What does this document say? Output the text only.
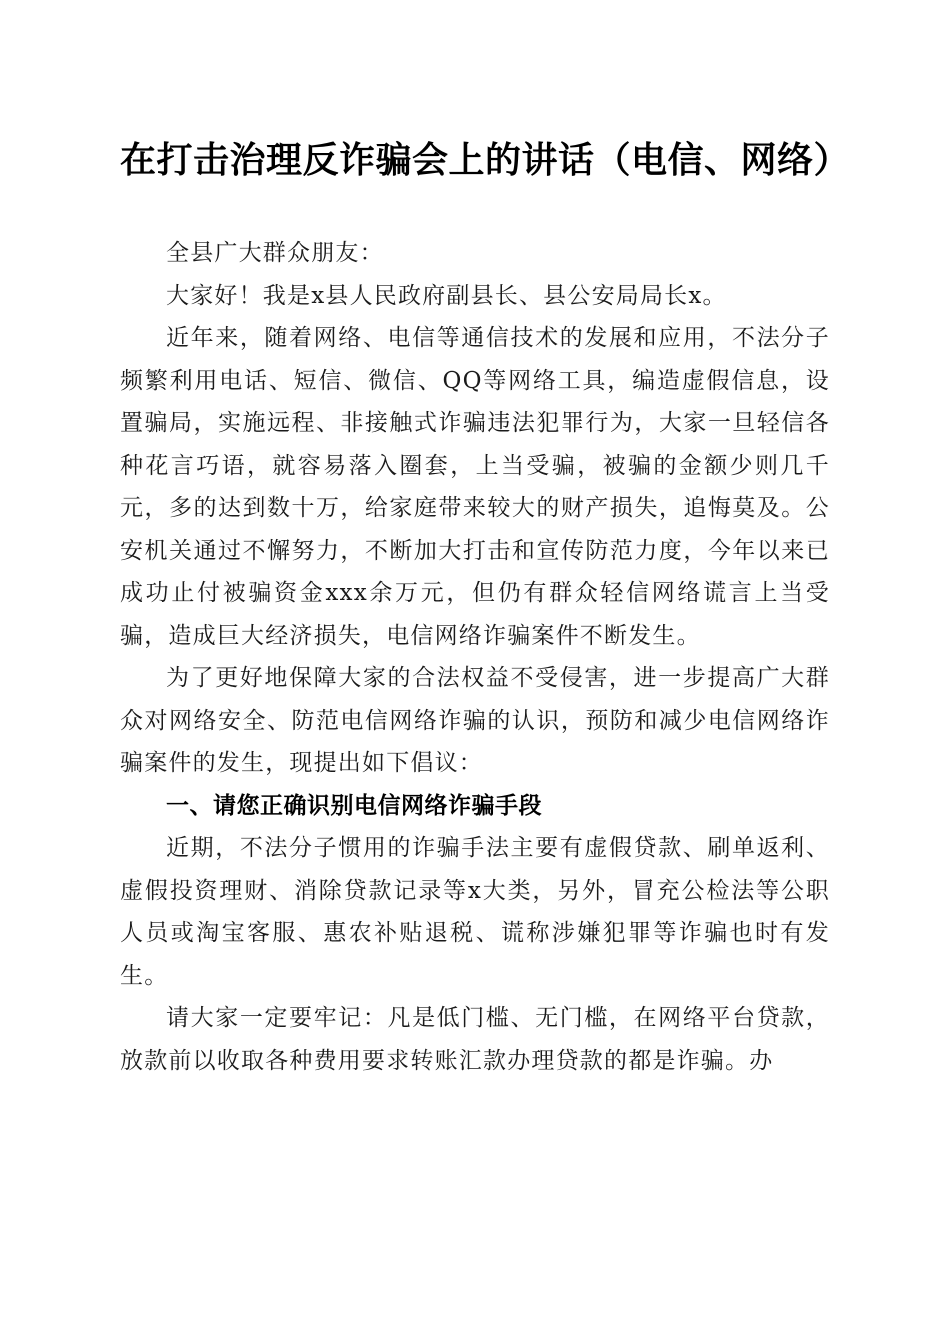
在打击治理反诈骗会上的讲话（电信、网络）

全县广大群众朋友：

大家好！我是x县人民政府副县长、县公安局局长x。

近年来，随着网络、电信等通信技术的发展和应用，不法分子频繁利用电话、短信、微信、QQ等网络工具，编造虚假信息，设置骗局，实施远程、非接触式诈骗违法犯罪行为，大家一旦轻信各种花言巧语，就容易落入圈套，上当受骗，被骗的金额少则几千元，多的达到数十万，给家庭带来较大的财产损失，追悔莫及。公安机关通过不懈努力，不断加大打击和宣传防范力度，今年以来已成功止付被骗资金xxx余万元，但仍有群众轻信网络谎言上当受骗，造成巨大经济损失，电信网络诈骗案件不断发生。

为了更好地保障大家的合法权益不受侵害，进一步提高广大群众对网络安全、防范电信网络诈骗的认识，预防和减少电信网络诈骗案件的发生，现提出如下倡议：

一、请您正确识别电信网络诈骗手段

近期，不法分子惯用的诈骗手法主要有虚假贷款、刷单返利、虚假投资理财、消除贷款记录等x大类，另外，冒充公检法等公职人员或淘宝客服、惠农补贴退税、谎称涉嫌犯罪等诈骗也时有发生。

请大家一定要牢记：凡是低门槛、无门槛，在网络平台贷款，放款前以收取各种费用要求转账汇款办理贷款的都是诈骗。办
